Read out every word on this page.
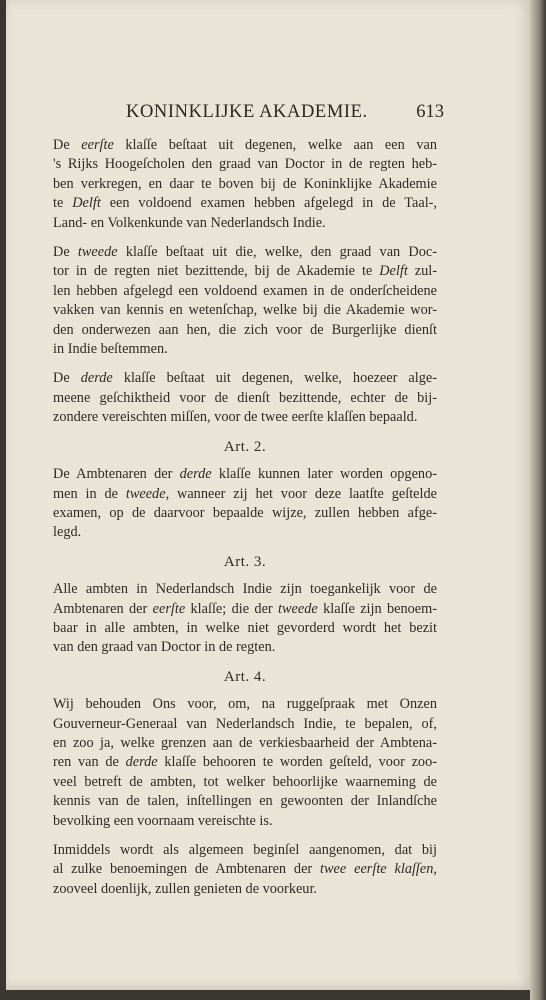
KONINKLIJKE AKADEMIE.	613
De eerſte klaſſe beſtaat uit degenen, welke aan een van
's Rijks Hoogeſcholen den graad van Doctor in de regten heb-
ben verkregen, en daar te boven bij de Koninklijke Akademie
te Delft een voldoend examen hebben afgelegd in de Taal-,
Land- en Volkenkunde van Nederlandsch Indie.
De tweede klaſſe beſtaat uit die, welke, den graad van Doc-
tor in de regten niet bezittende, bij de Akademie te Delft zul-
len hebben afgelegd een voldoend examen in de onderſcheidene
vakken van kennis en wetenſchap, welke bij die Akademie wor-
den onderwezen aan hen, die zich voor de Burgerlijke dienſt
in Indie beſtemmen.
De derde klaſſe beſtaat uit degenen, welke, hoezeer alge-
meene geſchiktheid voor de dienſt bezittende, echter de bij-
zondere vereischten miſſen, voor de twee eerſte klaſſen bepaald.
Art. 2.
De Ambtenaren der derde klaſſe kunnen later worden opgeno-
men in de tweede, wanneer zij het voor deze laatſte geſtelde
examen, op de daarvoor bepaalde wijze, zullen hebben afge-
legd.
Art. 3.
Alle ambten in Nederlandsch Indie zijn toegankelijk voor de
Ambtenaren der eerſte klaſſe; die der tweede klaſſe zijn benoem-
baar in alle ambten, in welke niet gevorderd wordt het bezit
van den graad van Doctor in de regten.
Art. 4.
Wij behouden Ons voor, om, na ruggeſpraak met Onzen
Gouverneur-Generaal van Nederlandsch Indie, te bepalen, of,
en zoo ja, welke grenzen aan de verkiesbaarheid der Ambtena-
ren van de derde klaſſe behooren te worden geſteld, voor zoo-
veel betreft de ambten, tot welker behoorlijke waarneming de
kennis van de talen, inſtellingen en gewoonten der Inlandſche
bevolking een voornaam vereischte is.
Inmiddels wordt als algemeen beginſel aangenomen, dat bij
al zulke benoemingen de Ambtenaren der twee eerſte klaſſen,
zooveel doenlijk, zullen genieten de voorkeur.
